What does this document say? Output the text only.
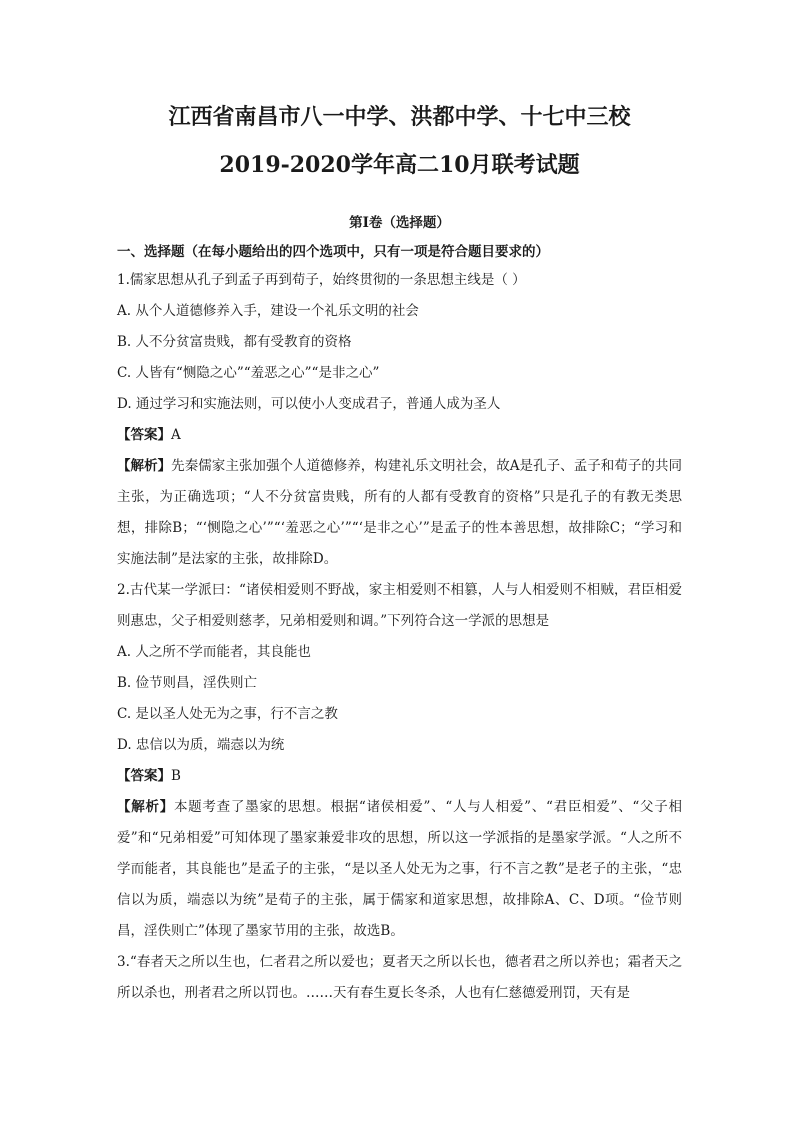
江西省南昌市八一中学、洪都中学、十七中三校
2019-2020学年高二10月联考试题
第Ⅰ卷（选择题）
一、选择题（在每小题给出的四个选项中，只有一项是符合题目要求的）
1.儒家思想从孔子到孟子再到荀子，始终贯彻的一条思想主线是（ ）
A. 从个人道德修养入手，建设一个礼乐文明的社会
B. 人不分贫富贵贱，都有受教育的资格
C. 人皆有“恻隐之心”“羞恶之心”“是非之心”
D. 通过学习和实施法则，可以使小人变成君子，普通人成为圣人
【答案】A
【解析】先秦儒家主张加强个人道德修养，构建礼乐文明社会，故A是孔子、孟子和荀子的共同主张，为正确选项；“人不分贫富贵贱，所有的人都有受教育的资格”只是孔子的有教无类思想，排除B；“‘恻隐之心’”“‘羞恶之心’”“‘是非之心’”是孟子的性本善思想，故排除C；“学习和实施法制”是法家的主张，故排除D。
2.古代某一学派曰：“诸侯相爱则不野战，家主相爱则不相篡，人与人相爱则不相贼，君臣相爱则惠忠，父子相爱则慈孝，兄弟相爱则和调。”下列符合这一学派的思想是
A. 人之所不学而能者，其良能也
B. 俭节则昌，淫佚则亡
C. 是以圣人处无为之事，行不言之教
D. 忠信以为质，端悫以为统
【答案】B
【解析】本题考查了墨家的思想。根据“诸侯相爱”、“人与人相爱”、“君臣相爱”、“父子相爱”和“兄弟相爱”可知体现了墨家兼爱非攻的思想，所以这一学派指的是墨家学派。“人之所不学而能者，其良能也”是孟子的主张，“是以圣人处无为之事，行不言之教”是老子的主张，“忠信以为质，端悫以为统”是荀子的主张，属于儒家和道家思想，故排除A、C、D项。“俭节则昌，淫佚则亡”体现了墨家节用的主张，故选B。
3.“春者天之所以生也，仁者君之所以爱也；夏者天之所以长也，德者君之所以养也；霜者天之所以杀也，刑者君之所以罚也。……天有春生夏长冬杀，人也有仁慈德爱刑罚，天有是
